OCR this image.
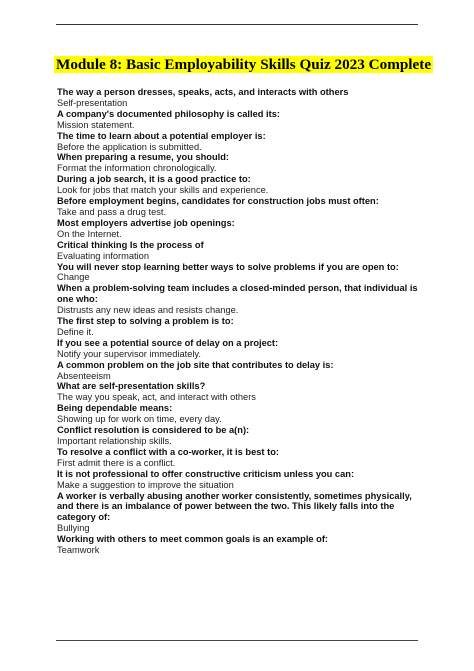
Module 8: Basic Employability Skills Quiz 2023 Complete

The way a person dresses, speaks, acts, and interacts with others

Self-presentation

A company's documented philosophy is called its:

Mission statement.

The time to learn about a potential employer is:

Before the application is submitted.

When preparing a resume, you should:

Format the information chronologically.

During a job search, it is a good practice to:

Look for jobs that match your skills and experience.

Before employment begins, candidates for construction jobs must often:

Take and pass a drug test.

Most employers advertise job openings:

On the Internet.

Critical thinking Is the process of

Evaluating information

You will never stop learning better ways to solve problems if you are open to:

Change

When a problem-solving team includes a closed-minded person, that individual is one who:

Distrusts any new ideas and resists change.

The first step to solving a problem is to:

Define it.

If you see a potential source of delay on a project:

Notify your supervisor immediately.

A common problem on the job site that contributes to delay is:

Absenteeism

What are self-presentation skills?

The way you speak, act, and interact with others

Being dependable means:

Showing up for work on time, every day.

Conflict resolution is considered to be a(n):

Important relationship skills.

To resolve a conflict with a co-worker, it is best to:

First admit there is a conflict.

It is not professional to offer constructive criticism unless you can:

Make a suggestion to improve the situation

A worker is verbally abusing another worker consistently, sometimes physically, and there is an imbalance of power between the two. This likely falls into the category of:

Bullying

Working with others to meet common goals is an example of:

Teamwork
